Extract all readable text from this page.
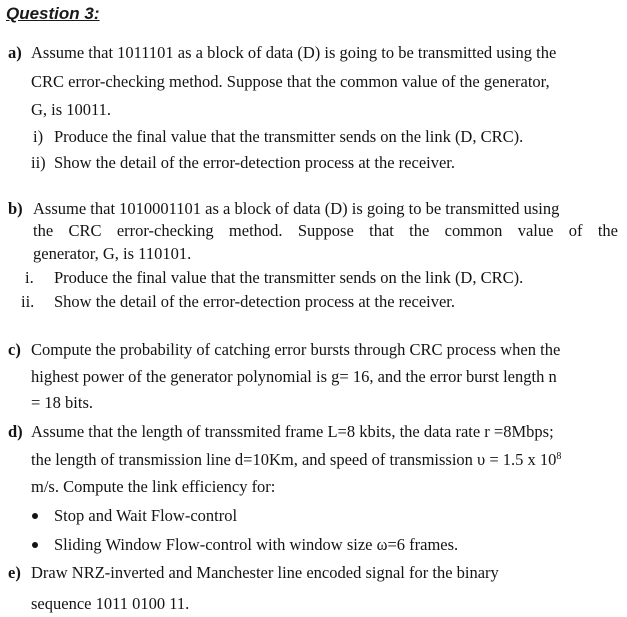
Question 3:
a) Assume that 1011101 as a block of data (D) is going to be transmitted using the
CRC error-checking method. Suppose that the common value of the generator,
G, is 10011.
i) Produce the final value that the transmitter sends on the link (D, CRC).
ii) Show the detail of the error-detection process at the receiver.
b) Assume that 1010001101 as a block of data (D) is going to be transmitted using
the CRC error-checking method. Suppose that the common value of the
generator, G, is 110101.
i. Produce the final value that the transmitter sends on the link (D, CRC).
ii. Show the detail of the error-detection process at the receiver.
c) Compute the probability of catching error bursts through CRC process when the
highest power of the generator polynomial is g= 16, and the error burst length n
= 18 bits.
d) Assume that the length of transsmited frame L=8 kbits, the data rate r =8Mbps;
the length of transmission line d=10Km, and speed of transmission υ = 1.5 x $10^8$
m/s. Compute the link efficiency for:
Stop and Wait Flow-control
Sliding Window Flow-control with window size ω=6 frames.
e) Draw NRZ-inverted and Manchester line encoded signal for the binary
sequence 1011 0100 11.
